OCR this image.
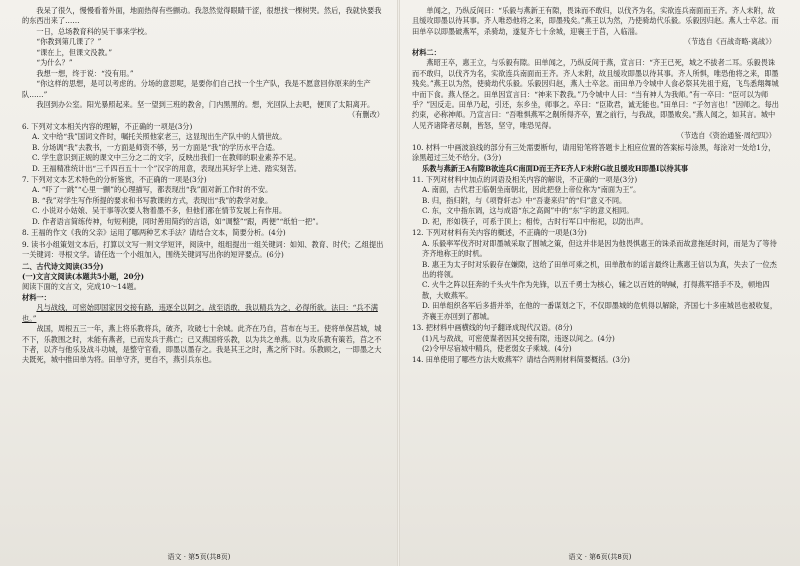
我呆了很久，慢慢看着外面，地面热得有些颤动。我忽然觉得眼睛干涩，很想找一棵树哭。然后，我就快要我的东西出来了……

一日，总场教育科的吴干事来学校。

“你教到第几课了？”

“课在上，但课文没教。”

“为什么？”

我想一想，终于说：“没有用。”

“你这样的思想，是可以考虑的。分场的意思呢，是要你们自己找一个生产队，我是不愿意回你原来的生产队……”

我回到办公室。阳光暴照起来。坚一望到三班的教舍，门内黑黑的。想，光回队上去吧，便顶了太阳离开。

（有删改）

6. 下列对文本相关内容的理解，不正确的一项是(3分)

A. 文中给“我”国词文件时，嘱托关照他家老三，这显现出生产队中的人情世故。

B. 分场调“我”去教书，一方面是师资不够，另一方面是“我”的学历水平合适。

C. 学生意识到正规的课文中三分之二的文字，反映出我们一在教师的职业素养不足。

D. 王福精准统计出“三千四百五十一个”汉字的用意，表现出其好学上进、踏实刻苦。

7. 下列对文本艺术特色的分析鉴赏，不正确的一项是(3分)

A. “吓了一跳”“心里一颤”的心理描写，都表现出“我”面对新工作时的不安。

B. “我”对学生写作所提的要求和书写教课的方式，表现出“我”的教学对象。

C. 小说对小姑娘、吴干事等次要人物着墨不多，但他们都在情节发展上有作用。

D. 作者语言简练传神，句短利捷，同时善用简约的言语，如“调整”“跟，两便”“纸怕一把”。

8. 王福的作文《我的父亲》运用了哪两种艺术手法？请结合文本，简要分析。(4分)

9. 读书小组策划文本后，打算以文写一则文学短评，阅读中，组组提出一组关键词：如知、教育、时代；乙组提出一关键词：寻根文学。请任选一个小组加入，围绕关键词写出你的短评要点。(6分)

二、古代诗文阅读(35分)

(一)文言文阅读(本题共5小题，20分)

阅读下面的文言文，完成10～14题。

材料一：

凡与战线，可密始即国家因交接有路，违逐全以阿之。战至语敢，我以精兵为之，必得所欲。法曰：“兵不满也。”

战国，周根五三一年，燕上将乐教将兵，破齐，攻破七十余城。此齐在乃自，莒布在与王。使将单保莒城，城不下，乐教围之时，未能有燕者，已而发兵于燕亡；已又燕国将乐教，以为共之单燕。以为攻乐教有策若，莒之不下者，以齐与他乐及战斗功城，是整守官看，即墨以墨存之。我是其王之时，燕之所下时。乐教顾之，一即墨之大夫既死，城中推田单为将。田单守齐，更自不，燕引兵东也。

语文 · 第5页(共8页)

单闻之，乃纵反间曰：“乐毅与燕新王有隙，畏诛而不敢归，以伐齐为名，实欲连兵南面而王齐。齐人未附，故且缓攻即墨以待其事。齐人唯恐他将之来，即墨残矣。”燕王以为然，乃使骑劫代乐毅。乐毅因归赵。燕人士卒忿。而田单卒以即墨破燕军，杀骑劫，遂复齐七十余城，迎襄王于莒，入临淄。

（节选自《百战奇略·离战》）

材料二：

燕昭王卒，惠王立，与乐毅有隙。田单闻之，乃纵反间于燕，宣言曰：“齐王已死，城之不拔者二耳。乐毅畏诛而不敢归，以伐齐为名，实欲连兵南面而王齐。齐人未附，故且缓攻即墨以待其事。齐人所惧，唯恐他将之来，即墨残矣。”燕王以为然，使骑劫代乐毅。乐毅因归赵，燕人士卒忿。而田单乃令城中人食必祭其先祖于庭，飞鸟悉翔舞城中而下食。燕人怪之。田单因宣言曰：“神来下教我。”乃令城中人曰：“当有神人为我师。”有一卒曰：“臣可以为师乎？”因反走。田单乃起，引还，东乡坐，师事之。卒曰：“臣欺君，诚无能也。”田单曰：“子勿言也！”因师之。每出约束，必称神师。乃宣言曰：“吾唯惧燕军之劓所得齐卒，置之前行，与我战，即墨败矣。”燕人闻之，如其言。城中人见齐诸降者尽劓，皆怒，坚守，唯恐见得。

（节选自《资治通鉴·周纪四》）

10. 材料一中画波浪线的部分有三处需要断句，请用铅笔将答题卡上相应位置的答案标号涂黑，每涂对一处给1分，涂黑超过三处不给分。(3分)

乐教与燕新王A有隙B欲连兵C南面D而王齐E齐人F未附G故且缓攻H即墨I以待其事

11. 下列对材料中加点的词语及相关内容的解说，不正确的一项是(3分)

A. 南面，古代君王临朝坐南朝北，因此把登上帝位称为“南面为王”。

B. 归，指归附，与《项脊轩志》中“吾妻来归”的“归”意义不同。

C. 东，文中指东调，这与成语“东之高阁”中的“东”字的意义相同。

D. 祀，形如筷子，可系于顶上；相传，古时行军口中衔祀，以防出声。

12. 下列对材料有关内容的概述，不正确的一项是(3分)

A. 乐毅率军伐齐时对即墨城采取了围城之策，但这并非是因为他畏惧惠王的诛杀而故意拖延时间，而是为了等待齐齐地称王的时机。

B. 惠王为太子时对乐毅存在嫌隙，这给了田单可乘之机，田单散布的谣言最终让燕惠王信以为真，失去了一位杰出的将领。

C. 火牛之阵以狂奔的千头火牛作为先锋，以五千勇士为核心，辅之以百姓的呐喊，打得燕军措手不及，顿地四散，大败燕军。

D. 田单组织各军后多措并举，在他的一番谋划之下，不仅即墨城的危机得以解除，齐国七十多座城邑也被收复，齐襄王亦回到了都城。

13. 把材料中画横线的句子翻译成现代汉语。(8分)

(1)凡与敌战，可密使谍者因其交接有隙，违逐以间之。(4分)

(2)令甲尽宿城中精兵，使老弱女子乘城。(4分)

14. 田单使用了哪些方法大败燕军？请结合两则材料简要概括。(3分)

语文 · 第6页(共8页)
